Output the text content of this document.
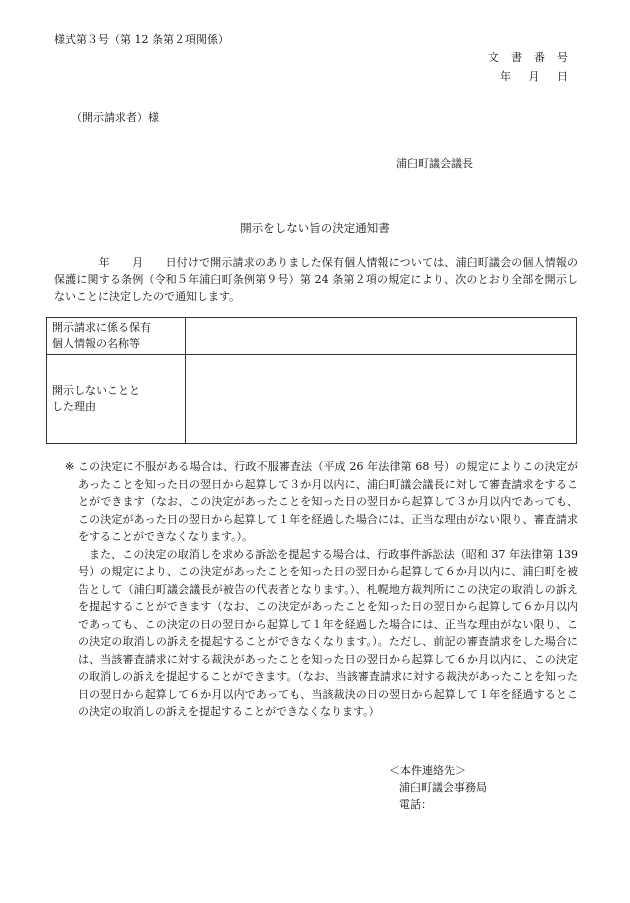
様式第３号（第 12 条第２項関係）
文書番号
年 月 日
（開示請求者）様
浦臼町議会議長
開示をしない旨の決定通知書

　　　　年　　月　　日付けで開示請求のありました保有個人情報については、浦臼町議会の個人情報の保護に関する条例（令和５年浦臼町条例第９号）第 24 条第２項の規定により、次のとおり全部を開示しないことに決定したので通知します。

開示請求に係る保有
個人情報の名称等	

開示しないことと
した理由	

※ この決定に不服がある場合は、行政不服審査法（平成 26 年法律第 68 号）の規定によりこの決定があったことを知った日の翌日から起算して３か月以内に、浦臼町議会議長に対して審査請求をすることができます（なお、この決定があったことを知った日の翌日から起算して３か月以内であっても、この決定があった日の翌日から起算して１年を経過した場合には、正当な理由がない限り、審査請求をすることができなくなります。）。

また、この決定の取消しを求める訴訟を提起する場合は、行政事件訴訟法（昭和 37 年法律第 139 号）の規定により、この決定があったことを知った日の翌日から起算して６か月以内に、浦臼町を被告として（浦臼町議会議長が被告の代表者となります。）、札幌地方裁判所にこの決定の取消しの訴えを提起することができます（なお、この決定があったことを知った日の翌日から起算して６か月以内であっても、この決定の日の翌日から起算して１年を経過した場合には、正当な理由がない限り、この決定の取消しの訴えを提起することができなくなります。）。ただし、前記の審査請求をした場合には、当該審査請求に対する裁決があったことを知った日の翌日から起算して６か月以内に、この決定の取消しの訴えを提起することができます。（なお、当該審査請求に対する裁決があったことを知った日の翌日から起算して６か月以内であっても、当該裁決の日の翌日から起算して１年を経過するとこの決定の取消しの訴えを提起することができなくなります。）

＜本件連絡先＞
浦臼町議会事務局
電話：
